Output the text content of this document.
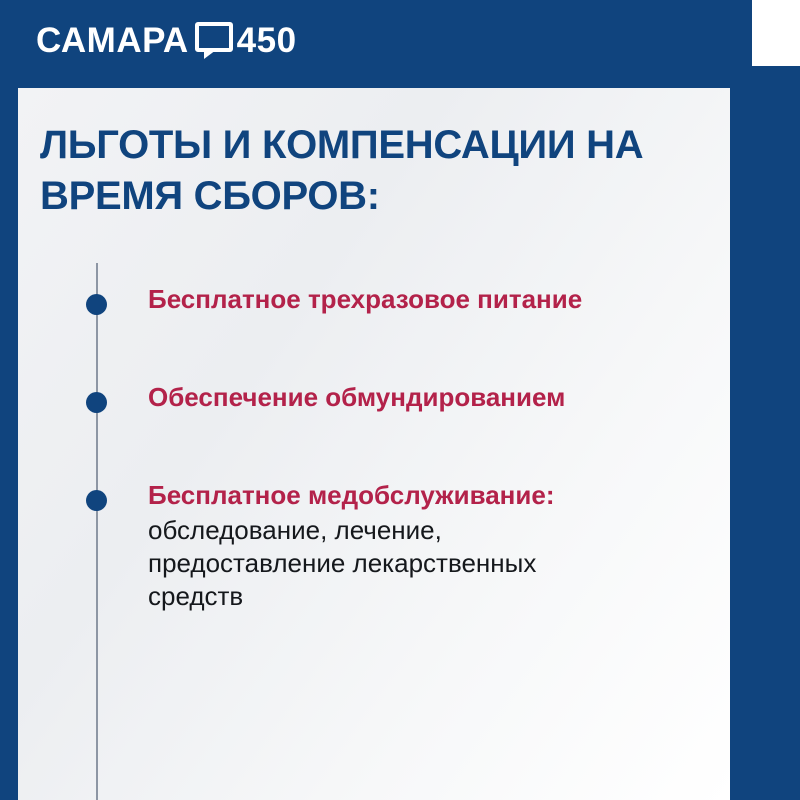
САМАРА 450
ЛЬГОТЫ И КОМПЕНСАЦИИ НА ВРЕМЯ СБОРОВ:

Бесплатное трехразовое питание

Обеспечение обмундированием

Бесплатное медобслуживание:

обследование, лечение, предоставление лекарственных средств
